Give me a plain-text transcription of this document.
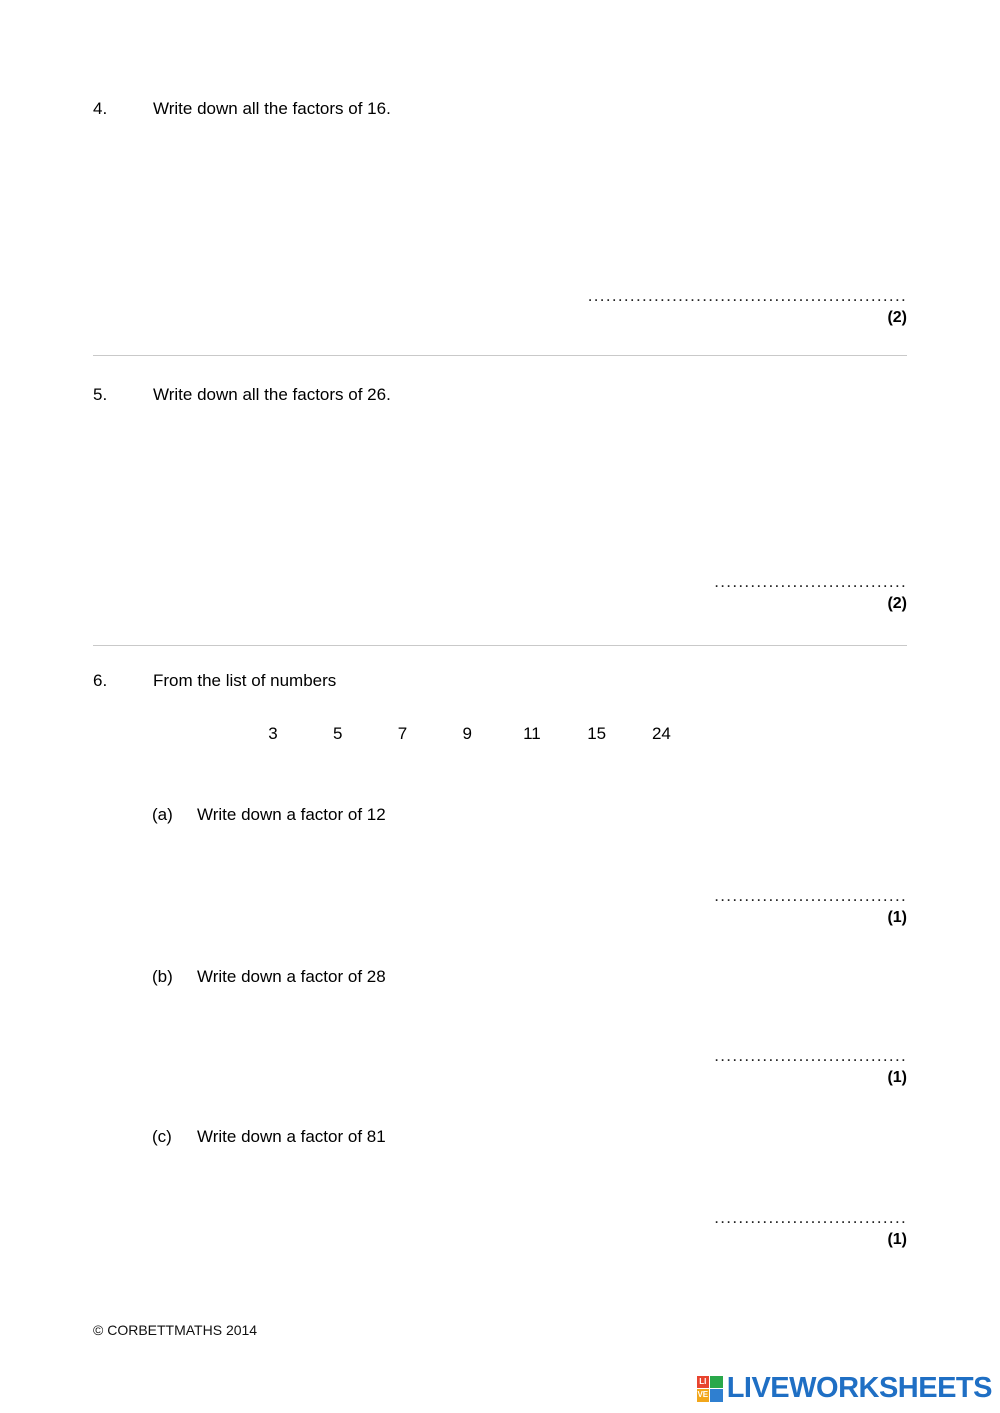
4.	Write down all the factors of 16.
.....................................................
(2)
5.	Write down all the factors of 26.
................................
(2)
6.	From the list of numbers
3	5	7	9	11	15	24
(a)	Write down a factor of 12
................................
(1)
(b)	Write down a factor of 28
................................
(1)
(c)	Write down a factor of 81
................................
(1)
© CORBETTMATHS 2014
LI
VE LIVEWORKSHEETS
